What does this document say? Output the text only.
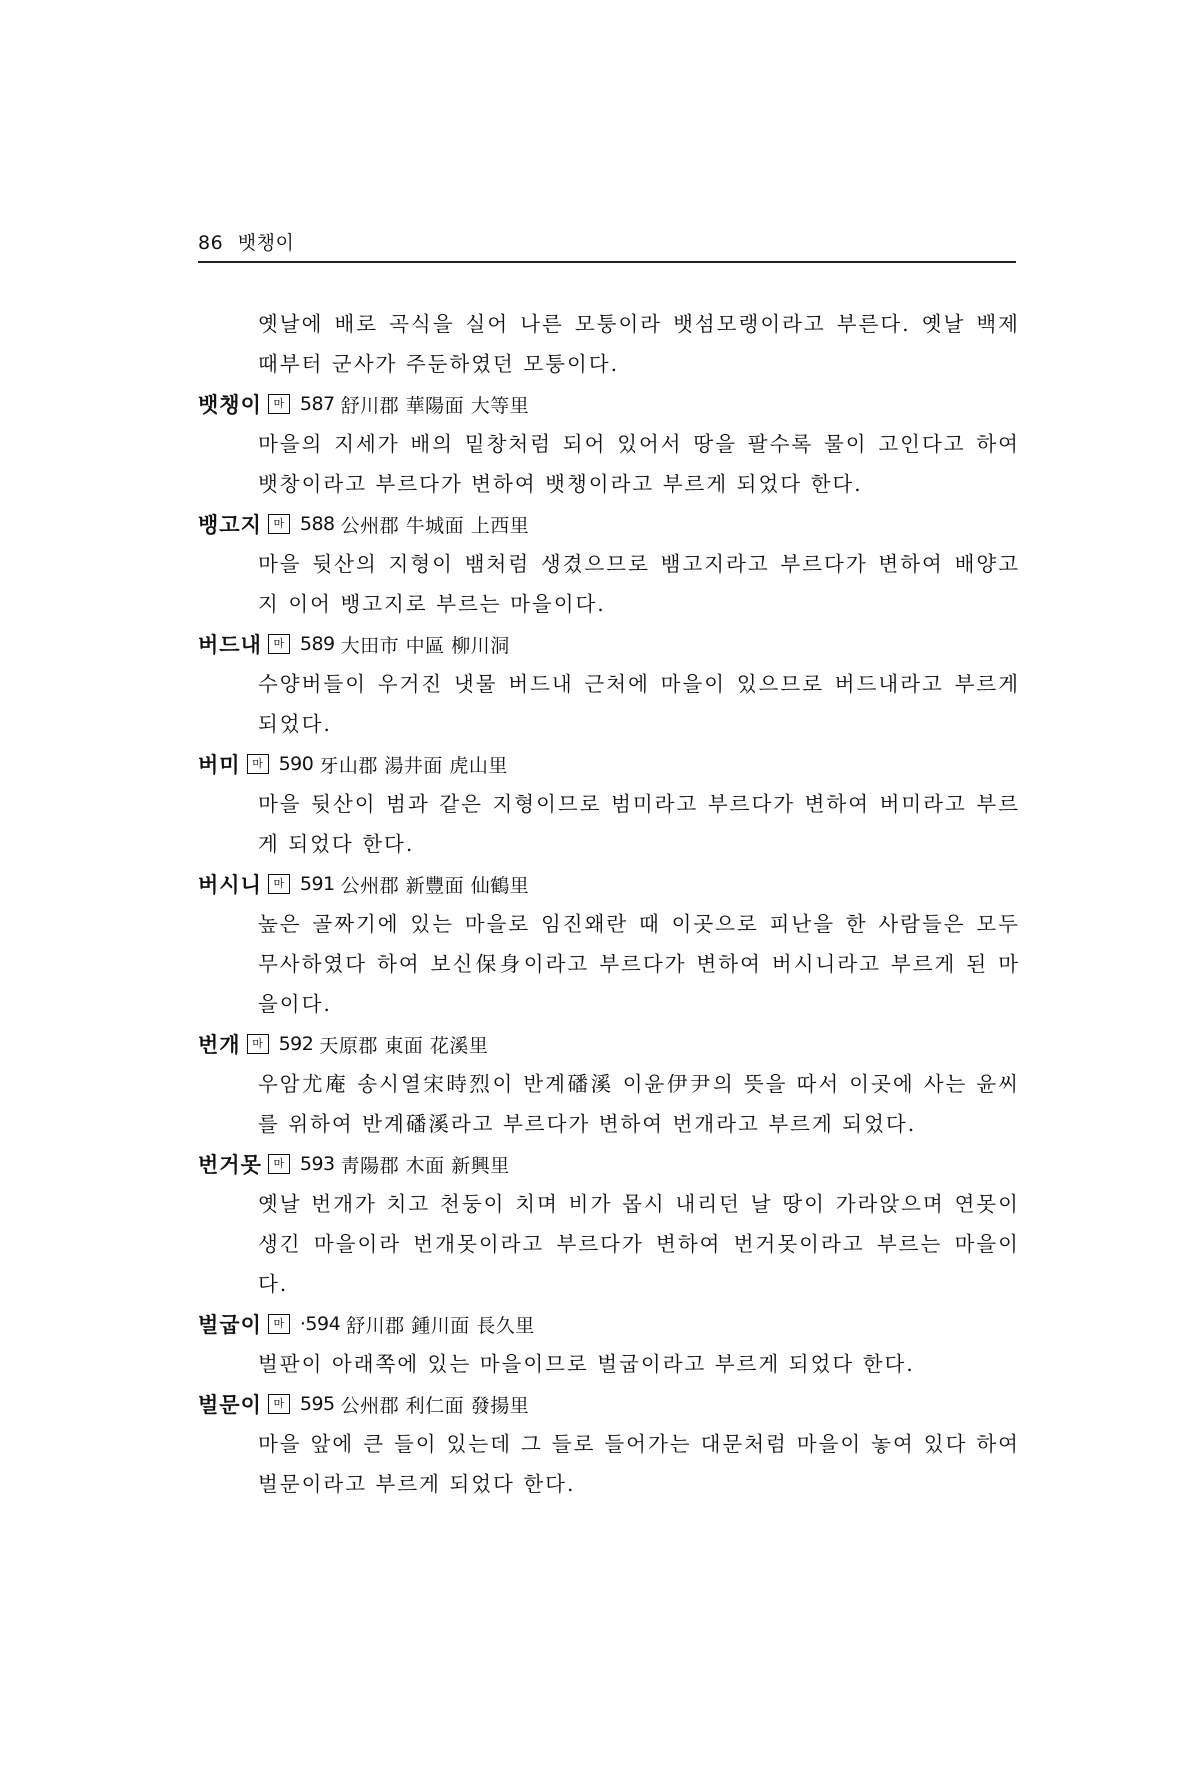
86 뱃챙이
옛날에 배로 곡식을 실어 나른 모퉁이라 뱃섬모랭이라고 부른다. 옛날 백제 때부터 군사가 주둔하였던 모퉁이다.
뱃챙이	마 587 舒川郡 華陽面 大等里
마을의 지세가 배의 밑창처럼 되어 있어서 땅을 팔수록 물이 고인다고 하여 뱃창이라고 부르다가 변하여 뱃챙이라고 부르게 되었다 한다.
뱅고지	마 588 公州郡 牛城面 上西里
마을 뒷산의 지형이 뱀처럼 생겼으므로 뱀고지라고 부르다가 변하여 배양고지 이어 뱅고지로 부르는 마을이다.
버드내	마 589 大田市 中區 柳川洞
수양버들이 우거진 냇물 버드내 근처에 마을이 있으므로 버드내라고 부르게 되었다.
버미	마 590 牙山郡 湯井面 虎山里
마을 뒷산이 범과 같은 지형이므로 범미라고 부르다가 변하여 버미라고 부르게 되었다 한다.
버시니	마 591 公州郡 新豐面 仙鶴里
높은 골짜기에 있는 마을로 임진왜란 때 이곳으로 피난을 한 사람들은 모두 무사하였다 하여 보신保身이라고 부르다가 변하여 버시니라고 부르게 된 마을이다.
번개	마 592 天原郡 東面 花溪里
우암尤庵 송시열宋時烈이 반계磻溪 이윤伊尹의 뜻을 따서 이곳에 사는 윤씨를 위하여 반계磻溪라고 부르다가 변하여 번개라고 부르게 되었다.
번거못	마 593 靑陽郡 木面 新興里
옛날 번개가 치고 천둥이 치며 비가 몹시 내리던 날 땅이 가라앉으며 연못이 생긴 마을이라 번개못이라고 부르다가 변하여 번거못이라고 부르는 마을이다.
벌굽이	마 ·594 舒川郡 鍾川面 長久里
벌판이 아래쪽에 있는 마을이므로 벌굽이라고 부르게 되었다 한다.
벌문이	마 595 公州郡 利仁面 發揚里
마을 앞에 큰 들이 있는데 그 들로 들어가는 대문처럼 마을이 놓여 있다 하여 벌문이라고 부르게 되었다 한다.
